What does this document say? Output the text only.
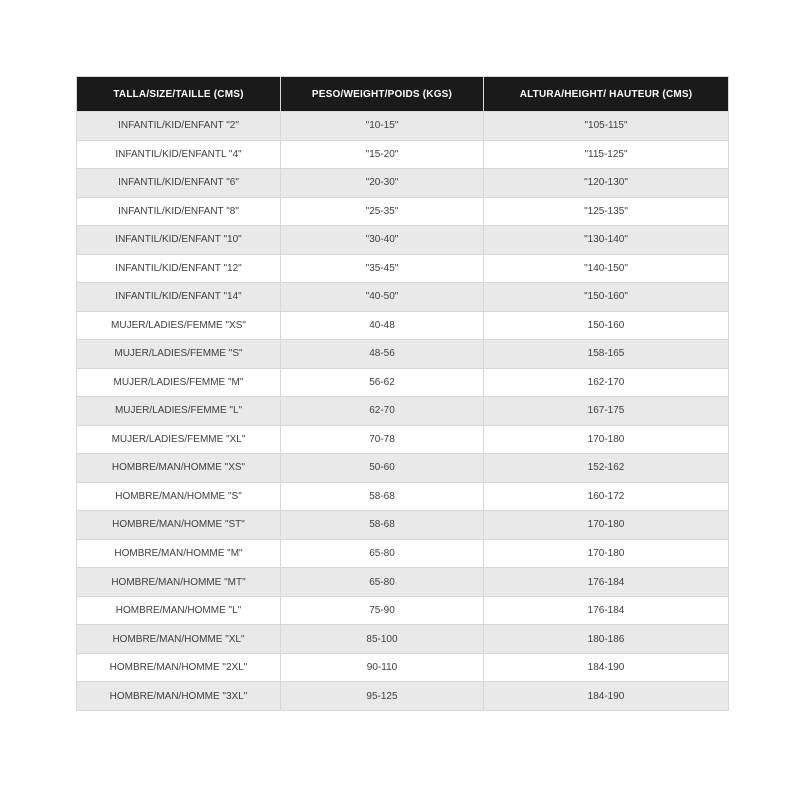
TALLA/SIZE/TAILLE (CMS)	PESO/WEIGHT/POIDS (KGS)	ALTURA/HEIGHT/ HAUTEUR (CMS)
INFANTIL/KID/ENFANT "2"	"10-15"	"105-115"
INFANTIL/KID/ENFANTL "4"	"15-20"	"115-125"
INFANTIL/KID/ENFANT "6"	"20-30"	"120-130"
INFANTIL/KID/ENFANT "8"	"25-35"	"125-135"
INFANTIL/KID/ENFANT "10"	"30-40"	"130-140"
INFANTIL/KID/ENFANT "12"	"35-45"	"140-150"
INFANTIL/KID/ENFANT "14"	"40-50"	"150-160"
MUJER/LADIES/FEMME "XS"	40-48	150-160
MUJER/LADIES/FEMME "S"	48-56	158-165
MUJER/LADIES/FEMME "M"	56-62	162-170
MUJER/LADIES/FEMME "L"	62-70	167-175
MUJER/LADIES/FEMME "XL"	70-78	170-180
HOMBRE/MAN/HOMME "XS"	50-60	152-162
HOMBRE/MAN/HOMME "S"	58-68	160-172
HOMBRE/MAN/HOMME "ST"	58-68	170-180
HOMBRE/MAN/HOMME "M"	65-80	170-180
HOMBRE/MAN/HOMME "MT"	65-80	176-184
HOMBRE/MAN/HOMME "L"	75-90	176-184
HOMBRE/MAN/HOMME "XL"	85-100	180-186
HOMBRE/MAN/HOMME "2XL"	90-110	184-190
HOMBRE/MAN/HOMME "3XL"	95-125	184-190
